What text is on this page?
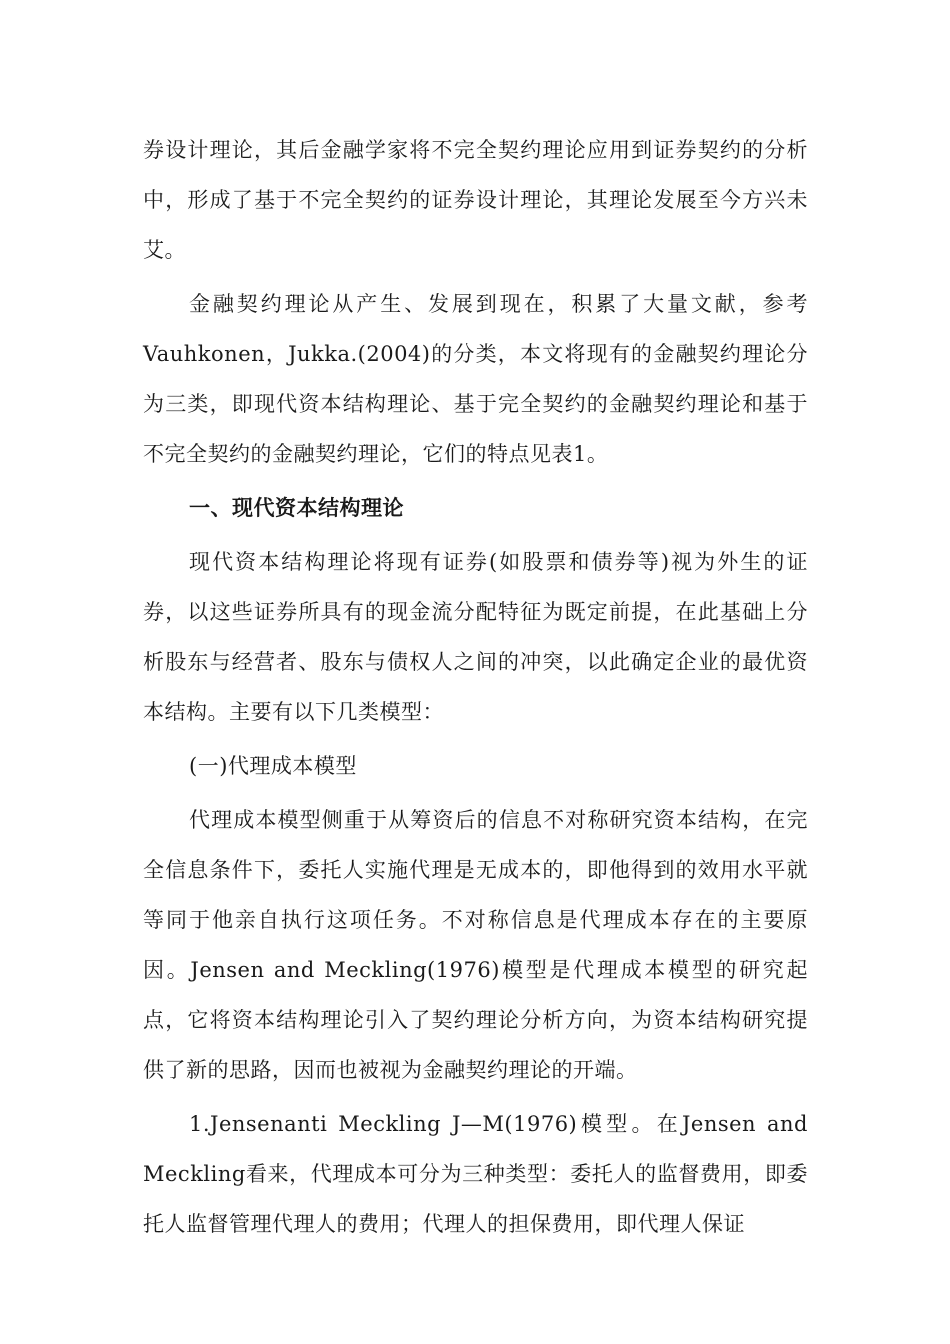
券设计理论，其后金融学家将不完全契约理论应用到证券契约的分析中，形成了基于不完全契约的证券设计理论，其理论发展至今方兴未艾。

金融契约理论从产生、发展到现在，积累了大量文献，参考Vauhkonen，Jukka.(2004)的分类，本文将现有的金融契约理论分为三类，即现代资本结构理论、基于完全契约的金融契约理论和基于不完全契约的金融契约理论，它们的特点见表1。

一、现代资本结构理论

现代资本结构理论将现有证券(如股票和债券等)视为外生的证券，以这些证券所具有的现金流分配特征为既定前提，在此基础上分析股东与经营者、股东与债权人之间的冲突，以此确定企业的最优资本结构。主要有以下几类模型：

(一)代理成本模型

代理成本模型侧重于从筹资后的信息不对称研究资本结构，在完全信息条件下，委托人实施代理是无成本的，即他得到的效用水平就等同于他亲自执行这项任务。不对称信息是代理成本存在的主要原因。Jensen and Meckling(1976)模型是代理成本模型的研究起点，它将资本结构理论引入了契约理论分析方向，为资本结构研究提供了新的思路，因而也被视为金融契约理论的开端。

1.Jensenanti Meckling J—M(1976)模型。在Jensen and Meckling看来，代理成本可分为三种类型：委托人的监督费用，即委托人监督管理代理人的费用；代理人的担保费用，即代理人保证
